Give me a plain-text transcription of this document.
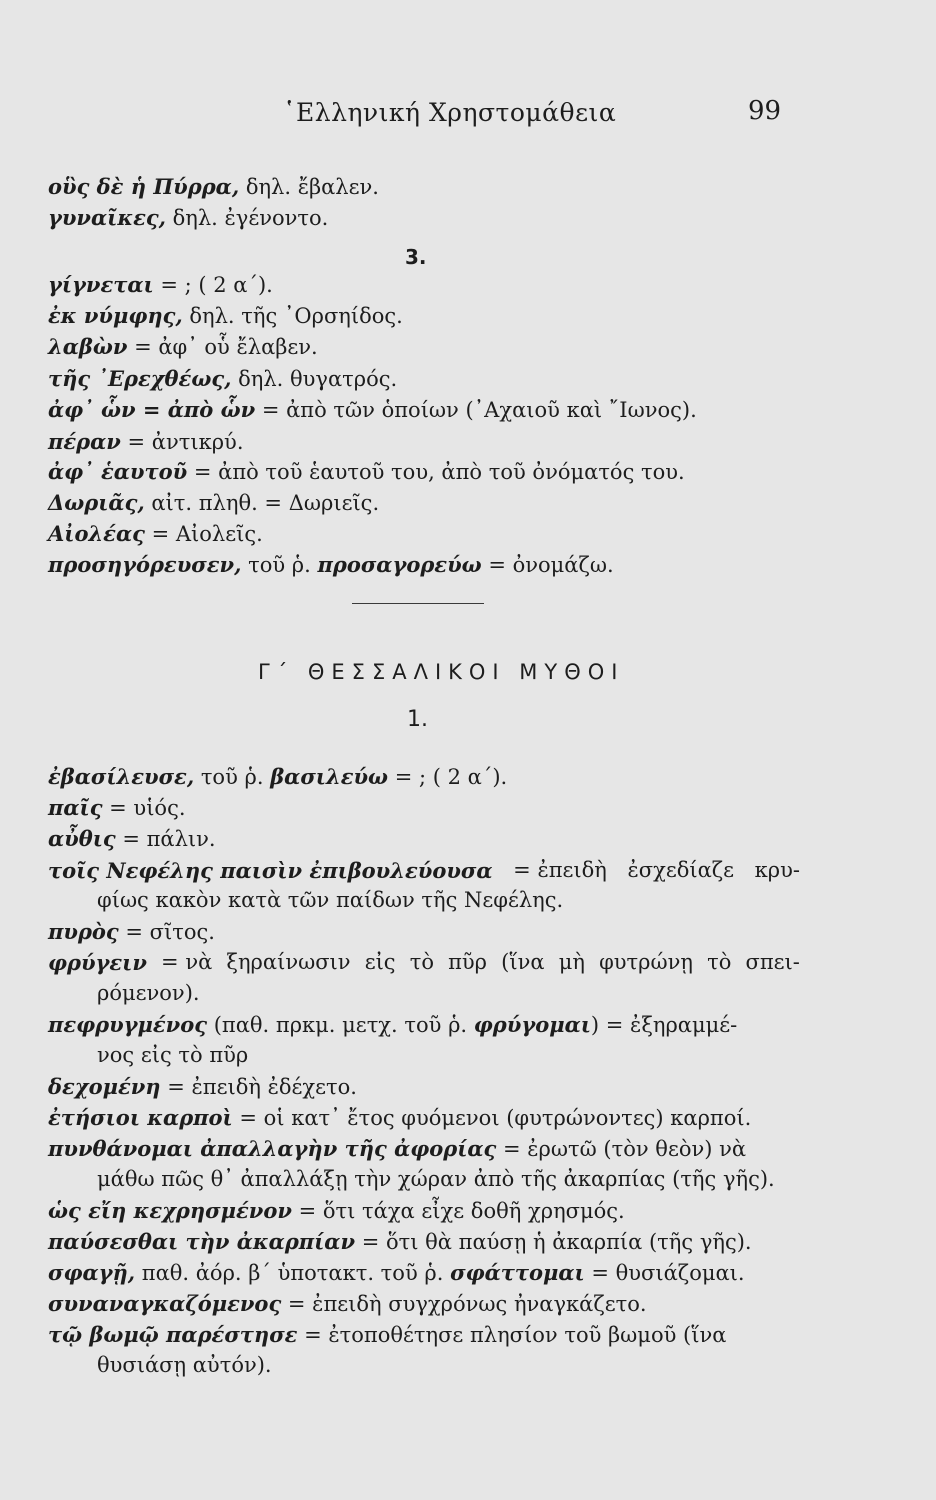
῾Ελληνική Χρηστομάθεια	99
οὓς δὲ ἡ Πύρρα, δηλ. ἔβαλεν.
γυναῖκες, δηλ. ἐγένοντο.
3.
γίγνεται = ; ( 2 α΄).
ἐκ νύμφης, δηλ. τῆς ᾿Ορσηίδος.
λαβὼν = ἀφ᾿ οὗ ἔλαβεν.
τῆς ᾿Ερεχθέως, δηλ. θυγατρός.
ἀφ᾿ ὧν = ἀπὸ ὧν = ἀπὸ τῶν ὁποίων (᾿Αχαιοῦ καὶ ῎Ιωνος).
πέραν = ἀντικρύ.
ἀφ᾿ ἑαυτοῦ = ἀπὸ τοῦ ἑαυτοῦ του, ἀπὸ τοῦ ὀνόματός του.
Δωριᾶς, αἰτ. πληθ. = Δωριεῖς.
Αἰολέας = Αἰολεῖς.
προσηγόρευσεν, τοῦ ῥ. προσαγορεύω = ὀνομάζω.
Γ΄ ΘΕΣΣΑΛΙΚΟΙ ΜΥΘΟΙ
1.
ἐβασίλευσε, τοῦ ῥ. βασιλεύω = ; ( 2 α΄).
παῖς = υἱός.
αὖθις = πάλιν.
τοῖς Νεφέλης παισὶν ἐπιβουλεύουσα = ἐπειδὴ ἐσχεδίαζε κρυ-
φίως κακὸν κατὰ τῶν παίδων τῆς Νεφέλης.
πυρὸς = σῖτος.
φρύγειν = νὰ ξηραίνωσιν εἰς τὸ πῦρ (ἵνα μὴ φυτρώνῃ τὸ σπει-
ρόμενον).
πεφρυγμένος (παθ. πρκμ. μετχ. τοῦ ῥ. φρύγομαι) = ἐξηραμμέ-
νος εἰς τὸ πῦρ
δεχομένη = ἐπειδὴ ἐδέχετο.
ἐτήσιοι καρποὶ = οἱ κατ᾿ ἔτος φυόμενοι (φυτρώνοντες) καρποί.
πυνθάνομαι ἀπαλλαγὴν τῆς ἀφορίας = ἐρωτῶ (τὸν θεὸν) νὰ
μάθω πῶς θ᾿ ἀπαλλάξῃ τὴν χώραν ἀπὸ τῆς ἀκαρπίας (τῆς γῆς).
ὡς εἴη κεχρησμένον = ὅτι τάχα εἶχε δοθῆ χρησμός.
παύσεσθαι τὴν ἀκαρπίαν = ὅτι θὰ παύσῃ ἡ ἀκαρπία (τῆς γῆς).
σφαγῇ, παθ. ἀόρ. β΄ ὑποτακτ. τοῦ ῥ. σφάττομαι = θυσιάζομαι.
συναναγκαζόμενος = ἐπειδὴ συγχρόνως ἠναγκάζετο.
τῷ βωμῷ παρέστησε = ἐτοποθέτησε πλησίον τοῦ βωμοῦ (ἵνα
θυσιάσῃ αὐτόν).
